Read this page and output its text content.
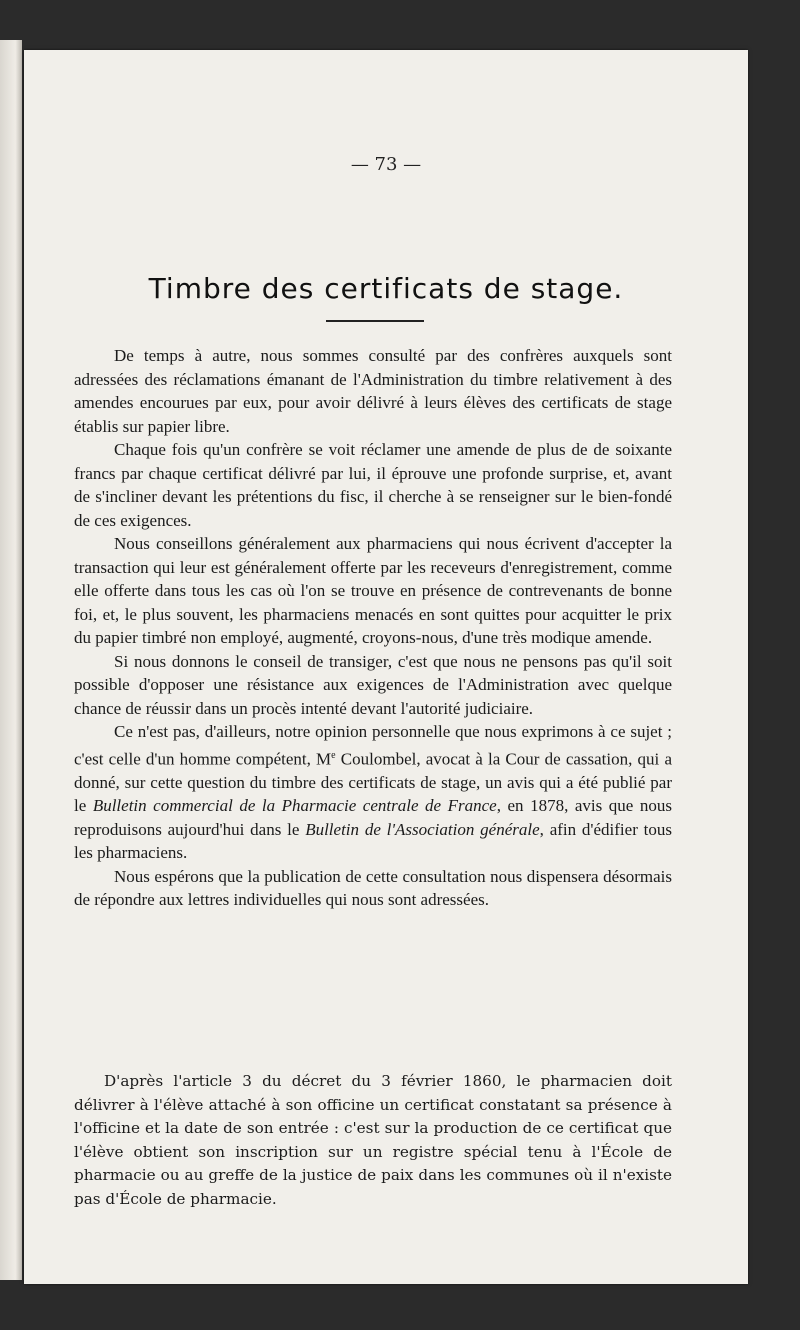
— 73 —
Timbre des certificats de stage.

De temps à autre, nous sommes consulté par des confrères auxquels sont adressées des réclamations émanant de l'Administration du timbre relativement à des amendes encourues par eux, pour avoir délivré à leurs élèves des certificats de stage établis sur papier libre.

Chaque fois qu'un confrère se voit réclamer une amende de plus de de soixante francs par chaque certificat délivré par lui, il éprouve une profonde surprise, et, avant de s'incliner devant les prétentions du fisc, il cherche à se renseigner sur le bien-fondé de ces exigences.

Nous conseillons généralement aux pharmaciens qui nous écrivent d'accepter la transaction qui leur est généralement offerte par les receveurs d'enregistrement, comme elle offerte dans tous les cas où l'on se trouve en présence de contrevenants de bonne foi, et, le plus souvent, les pharmaciens menacés en sont quittes pour acquitter le prix du papier timbré non employé, augmenté, croyons-nous, d'une très modique amende.

Si nous donnons le conseil de transiger, c'est que nous ne pensons pas qu'il soit possible d'opposer une résistance aux exigences de l'Administration avec quelque chance de réussir dans un procès intenté devant l'autorité judiciaire.

Ce n'est pas, d'ailleurs, notre opinion personnelle que nous exprimons à ce sujet ; c'est celle d'un homme compétent, Me Coulombel, avocat à la Cour de cassation, qui a donné, sur cette question du timbre des certificats de stage, un avis qui a été publié par le Bulletin commercial de la Pharmacie centrale de France, en 1878, avis que nous reproduisons aujourd'hui dans le Bulletin de l'Association générale, afin d'édifier tous les pharmaciens.

Nous espérons que la publication de cette consultation nous dispensera désormais de répondre aux lettres individuelles qui nous sont adressées.

D'après l'article 3 du décret du 3 février 1860, le pharmacien doit délivrer à l'élève attaché à son officine un certificat constatant sa présence à l'officine et la date de son entrée : c'est sur la production de ce certificat que l'élève obtient son inscription sur un registre spécial tenu à l'École de pharmacie ou au greffe de la justice de paix dans les communes où il n'existe pas d'École de pharmacie.
